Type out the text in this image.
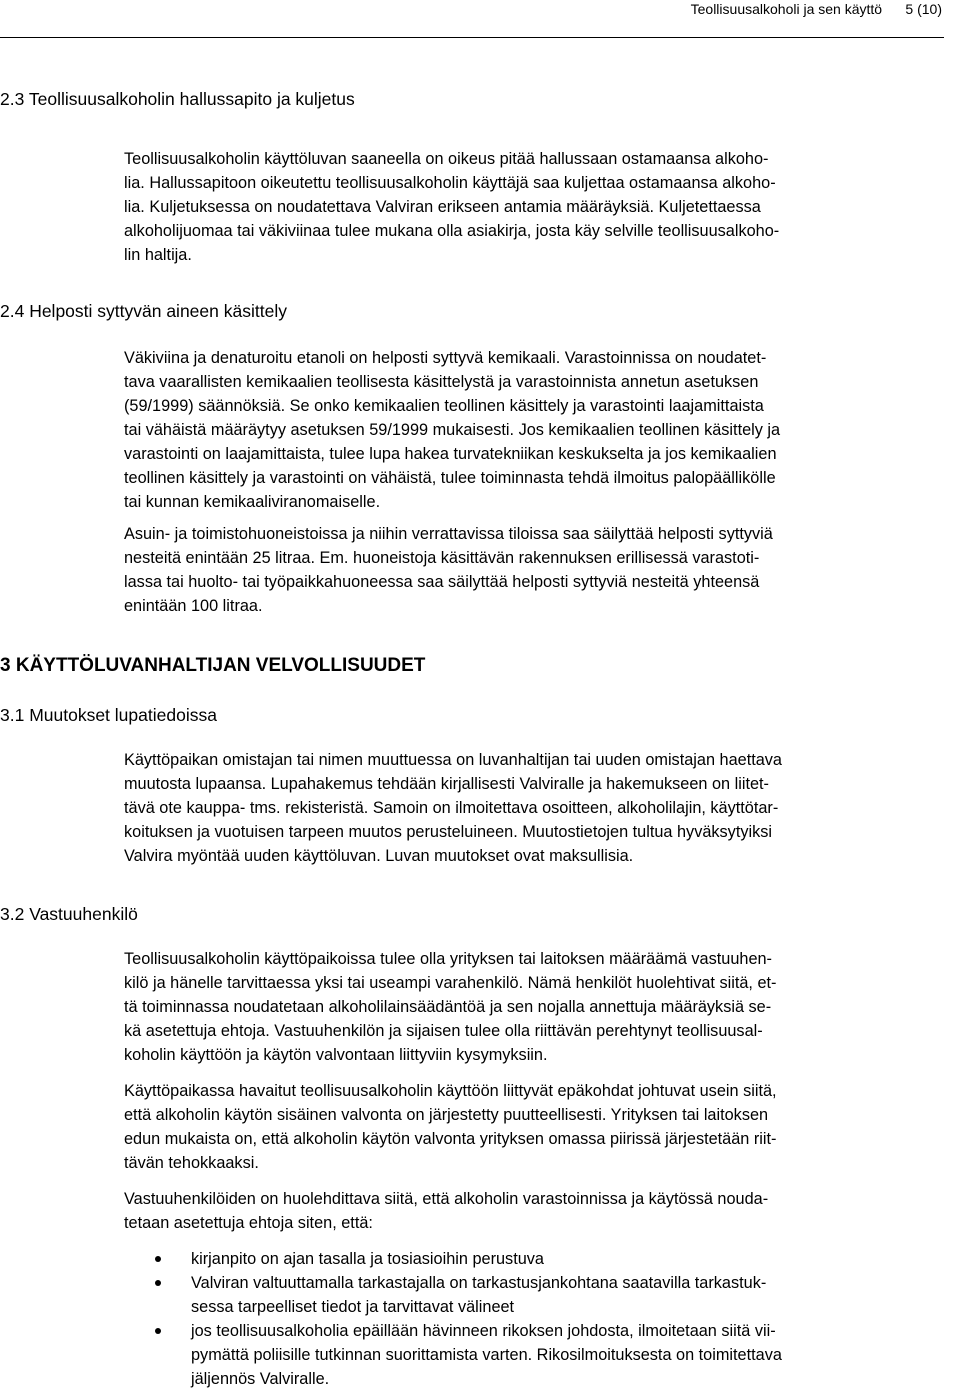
Teollisuusalkoholi ja sen käyttö 5 (10)
2.3 Teollisuusalkoholin hallussapito ja kuljetus

Teollisuusalkoholin käyttöluvan saaneella on oikeus pitää hallussaan ostamaansa alkoho-
lia. Hallussapitoon oikeutettu teollisuusalkoholin käyttäjä saa kuljettaa ostamaansa alkoho-
lia. Kuljetuksessa on noudatettava Valviran erikseen antamia määräyksiä. Kuljetettaessa
alkoholijuomaa tai väkiviinaa tulee mukana olla asiakirja, josta käy selville teollisuusalkoho-
lin haltija.

2.4 Helposti syttyvän aineen käsittely

Väkiviina ja denaturoitu etanoli on helposti syttyvä kemikaali. Varastoinnissa on noudatet-
tava vaarallisten kemikaalien teollisesta käsittelystä ja varastoinnista annetun asetuksen
(59/1999) säännöksiä. Se onko kemikaalien teollinen käsittely ja varastointi laajamittaista
tai vähäistä määräytyy asetuksen 59/1999 mukaisesti. Jos kemikaalien teollinen käsittely ja
varastointi on laajamittaista, tulee lupa hakea turvatekniikan keskukselta ja jos kemikaalien
teollinen käsittely ja varastointi on vähäistä, tulee toiminnasta tehdä ilmoitus palopäällikölle
tai kunnan kemikaaliviranomaiselle.

Asuin- ja toimistohuoneistoissa ja niihin verrattavissa tiloissa saa säilyttää helposti syttyviä
nesteitä enintään 25 litraa. Em. huoneistoja käsittävän rakennuksen erillisessä varastoti-
lassa tai huolto- tai työpaikkahuoneessa saa säilyttää helposti syttyviä nesteitä yhteensä
enintään 100 litraa.

3 KÄYTTÖLUVANHALTIJAN VELVOLLISUUDET
3.1 Muutokset lupatiedoissa

Käyttöpaikan omistajan tai nimen muuttuessa on luvanhaltijan tai uuden omistajan haettava
muutosta lupaansa. Lupahakemus tehdään kirjallisesti Valviralle ja hakemukseen on liitet-
tävä ote kauppa- tms. rekisteristä. Samoin on ilmoitettava osoitteen, alkoholilajin, käyttötar-
koituksen ja vuotuisen tarpeen muutos perusteluineen. Muutostietojen tultua hyväksytyiksi
Valvira myöntää uuden käyttöluvan. Luvan muutokset ovat maksullisia.

3.2 Vastuuhenkilö

Teollisuusalkoholin käyttöpaikoissa tulee olla yrityksen tai laitoksen määräämä vastuuhen-
kilö ja hänelle tarvittaessa yksi tai useampi varahenkilö. Nämä henkilöt huolehtivat siitä, et-
tä toiminnassa noudatetaan alkoholilainsäädäntöä ja sen nojalla annettuja määräyksiä se-
kä asetettuja ehtoja. Vastuuhenkilön ja sijaisen tulee olla riittävän perehtynyt teollisuusal-
koholin käyttöön ja käytön valvontaan liittyviin kysymyksiin.

Käyttöpaikassa havaitut teollisuusalkoholin käyttöön liittyvät epäkohdat johtuvat usein siitä,
että alkoholin käytön sisäinen valvonta on järjestetty puutteellisesti. Yrityksen tai laitoksen
edun mukaista on, että alkoholin käytön valvonta yrityksen omassa piirissä järjestetään riit-
tävän tehokkaaksi.

Vastuuhenkilöiden on huolehdittava siitä, että alkoholin varastoinnissa ja käytössä nouda-
tetaan asetettuja ehtoja siten, että:

kirjanpito on ajan tasalla ja tosiasioihin perustuva
Valviran valtuuttamalla tarkastajalla on tarkastusjankohtana saatavilla tarkastuk-
sessa tarpeelliset tiedot ja tarvittavat välineet
jos teollisuusalkoholia epäillään hävinneen rikoksen johdosta, ilmoitetaan siitä vii-
pymättä poliisille tutkinnan suorittamista varten. Rikosilmoituksesta on toimitettava
jäljennös Valviralle.
